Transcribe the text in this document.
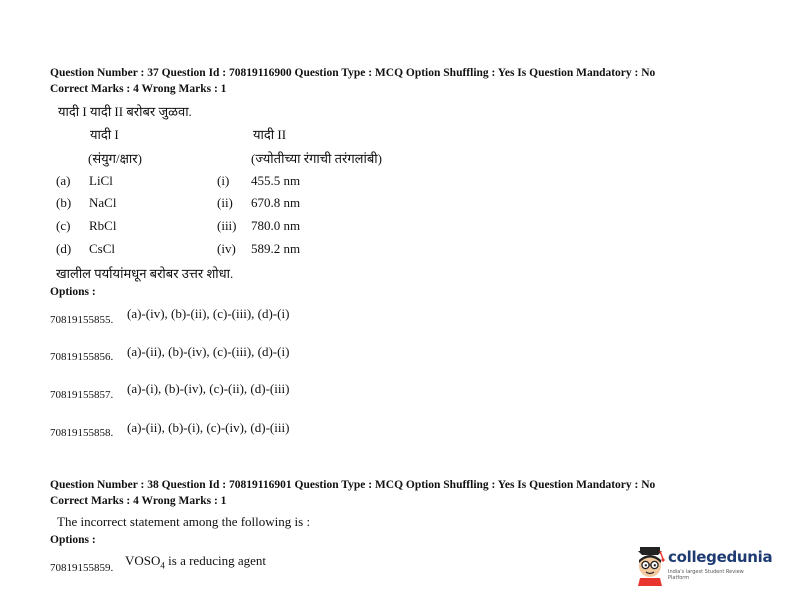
Question Number : 37 Question Id : 70819116900 Question Type : MCQ Option Shuffling : Yes Is Question Mandatory : No
Correct Marks : 4 Wrong Marks : 1
यादी I यादी II बरोबर जुळवा.
यादी I	यादी II
(संयुग/क्षार)	(ज्योतीच्या रंगाची तरंगलांबी)
(a) LiCl	(i) 455.5 nm
(b) NaCl	(ii) 670.8 nm
(c) RbCl	(iii) 780.0 nm
(d) CsCl	(iv) 589.2 nm
खालील पर्यायांमधून बरोबर उत्तर शोधा.
Options :
70819155855. (a)-(iv), (b)-(ii), (c)-(iii), (d)-(i)
70819155856. (a)-(ii), (b)-(iv), (c)-(iii), (d)-(i)
70819155857. (a)-(i), (b)-(iv), (c)-(ii), (d)-(iii)
70819155858. (a)-(ii), (b)-(i), (c)-(iv), (d)-(iii)
Question Number : 38 Question Id : 70819116901 Question Type : MCQ Option Shuffling : Yes Is Question Mandatory : No
Correct Marks : 4 Wrong Marks : 1
The incorrect statement among the following is :
Options :
70819155859. $VOSO_4$ is a reducing agent	collegedunia
India's largest Student Review Platform
